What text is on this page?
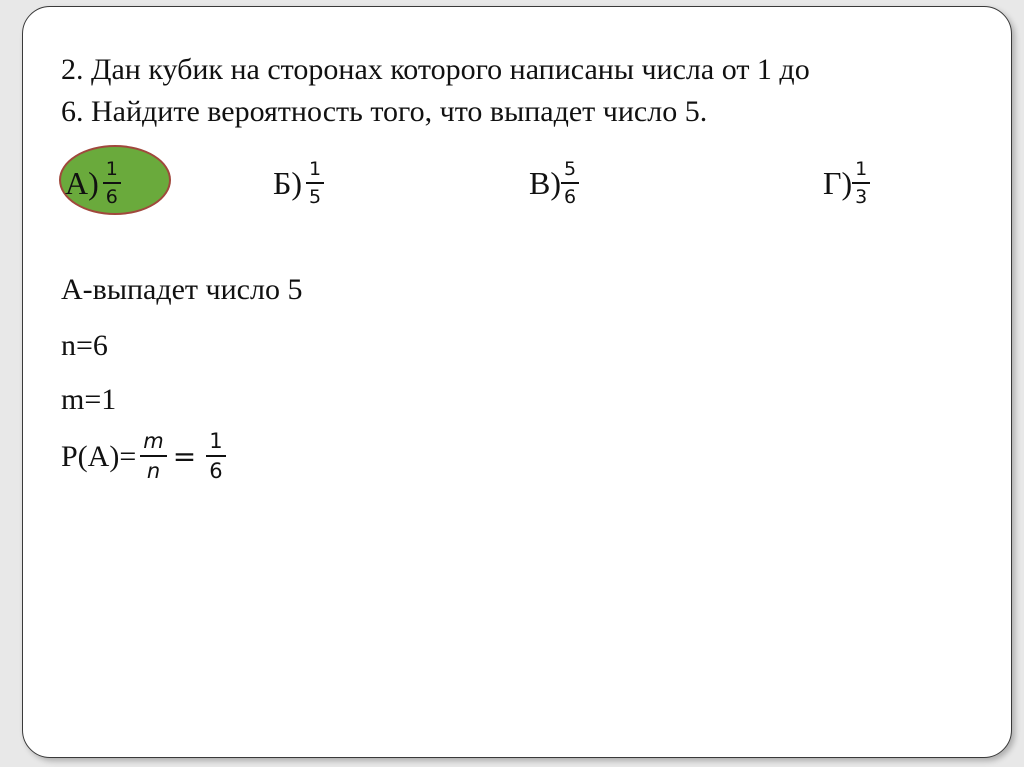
2. Дан кубик на сторонах которого написаны числа от 1 до
6. Найдите вероятность того, что выпадет число 5.
$А) \frac{1}{6}$	$Б) \frac{1}{5}$	$В) \frac{5}{6}$	$Г) \frac{1}{3}$
А-выпадет число 5
n=6
m=1
$P(A)= \frac{m}{n} = \frac{1}{6}$
